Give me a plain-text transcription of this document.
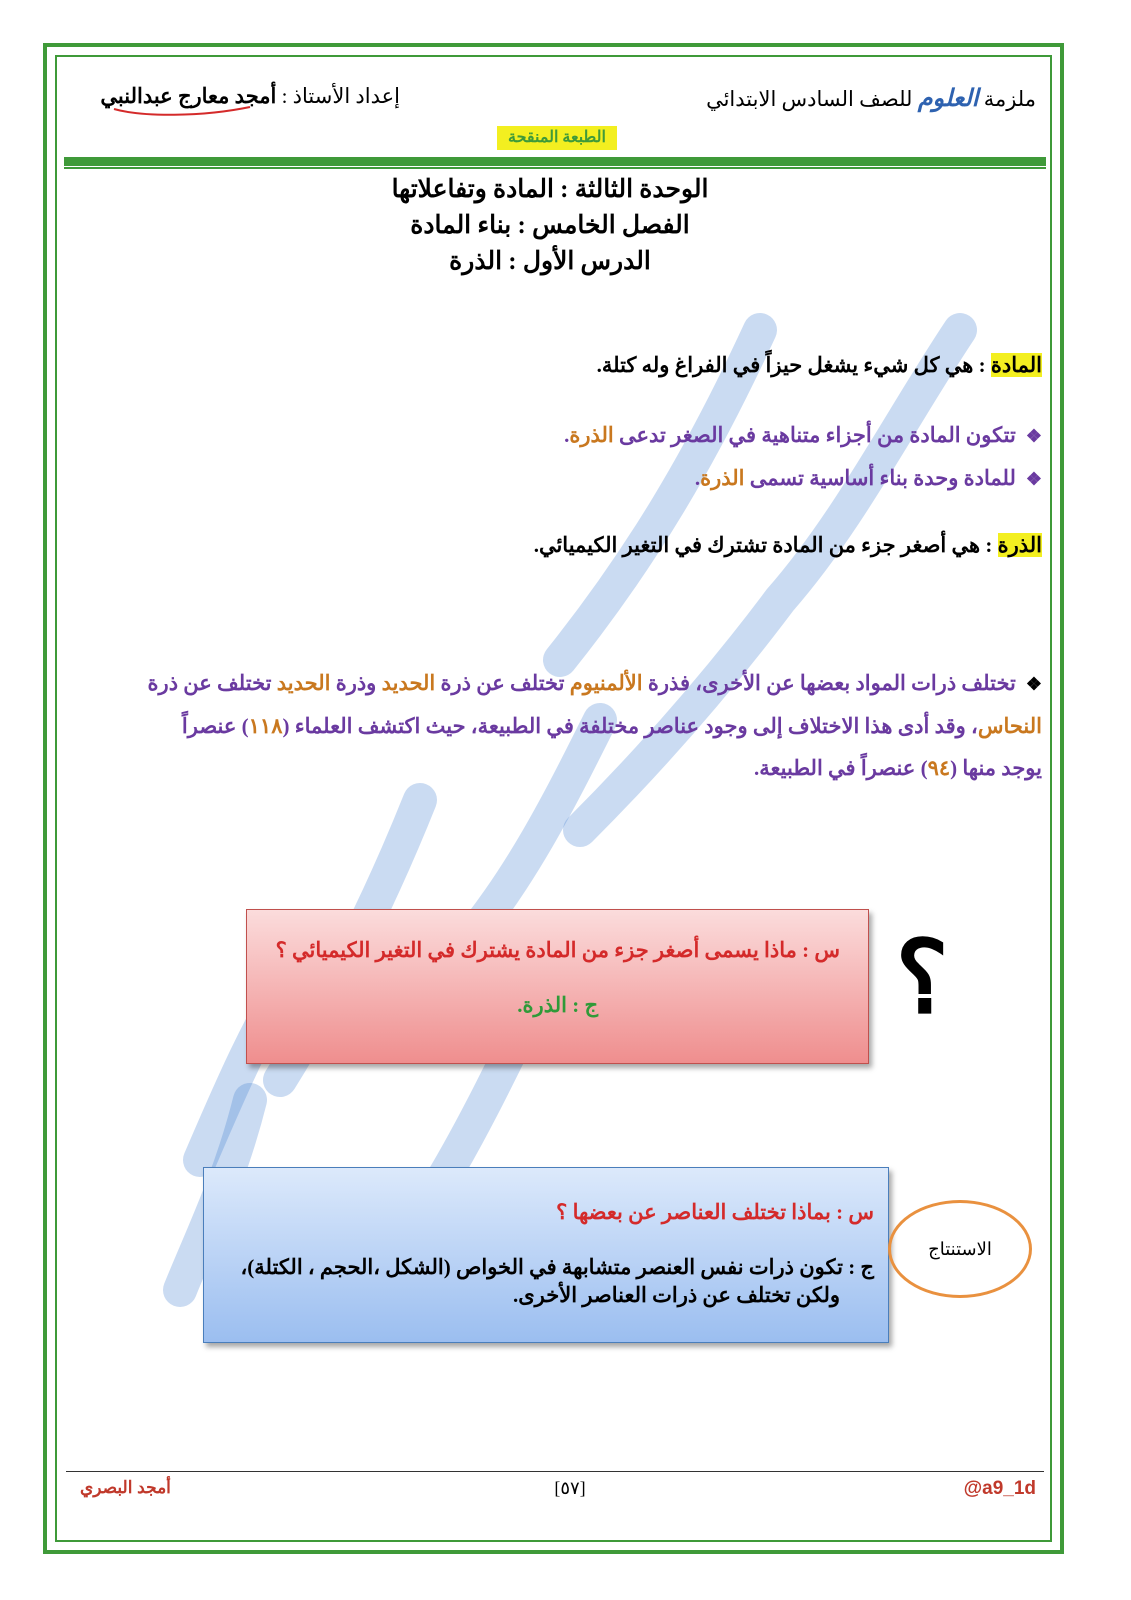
ملزمة العلوم للصف السادس الابتدائي
إعداد الأستاذ : أمجد معارج عبدالنبي
الطبعة المنقحة
الوحدة الثالثة : المادة وتفاعلاتها
الفصل الخامس : بناء المادة
الدرس الأول : الذرة
المادة : هي كل شيء يشغل حيزاً في الفراغ وله كتلة.
❖تتكون المادة من أجزاء متناهية في الصغر تدعى الذرة.
❖للمادة وحدة بناء أساسية تسمى الذرة.
الذرة : هي أصغر جزء من المادة تشترك في التغير الكيميائي.
❖تختلف ذرات المواد بعضها عن الأخرى، فذرة الألمنيوم تختلف عن ذرة الحديد وذرة الحديد تختلف عن ذرة النحاس، وقد أدى هذا الاختلاف إلى وجود عناصر مختلفة في الطبيعة، حيث اكتشف العلماء (١١٨) عنصراً يوجد منها (٩٤) عنصراً في الطبيعة.
س : ماذا يسمى أصغر جزء من المادة يشترك في التغير الكيميائي ؟
ج : الذرة.	؟
س : بماذا تختلف العناصر عن بعضها ؟
ج : تكون ذرات نفس العنصر متشابهة في الخواص (الشكل ،الحجم ، الكتلة)،
ولكن تختلف عن ذرات العناصر الأخرى.
الاستنتاج
أمجد البصري	[٥٧]	@a9_1d
